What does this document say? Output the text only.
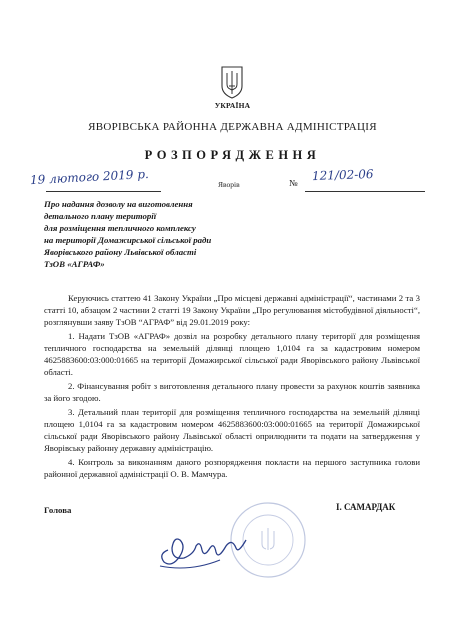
УКРАЇНА
ЯВОРІВСЬКА РАЙОННА ДЕРЖАВНА АДМІНІСТРАЦІЯ
РОЗПОРЯДЖЕННЯ
19 лютого 2019 р.	Яворів	№ 121/02-06
Про надання дозволу на виготовлення
детального плану території
для розміщення тепличного комплексу
на території Домажирської сільської ради
Яворівського району Львівської області
ТзОВ «АГРАФ»

Керуючись статтею 41 Закону України „Про місцеві державні адміністрації“, частинами 2 та 3 статті 10, абзацом 2 частини 2 статті 19 Закону України „Про регулювання містобудівної діяльності“, розглянувши заяву ТзОВ “АГРАФ” від 29.01.2019 року:

1. Надати ТзОВ «АГРАФ» дозвіл на розробку детального плану території для розміщення тепличного господарства на земельній ділянці площею 1,0104 га за кадастровим номером 4625883600:03:000:01665 на території Домажирської сільської ради Яворівського району Львівської області.

2. Фінансування робіт з виготовлення детального плану провести за рахунок коштів заявника за його згодою.

3. Детальний план території для розміщення тепличного господарства на земельній ділянці площею 1,0104 га за кадастровим номером 4625883600:03:000:01665 на території Домажирської сільської ради Яворівського району Львівської області оприлюднити та подати на затвердження у Яворівську районну державну адміністрацію.

4. Контроль за виконанням даного розпорядження покласти на першого заступника голови районної державної адміністрації О. В. Мамчура.

Голова	І. САМАРДАК
